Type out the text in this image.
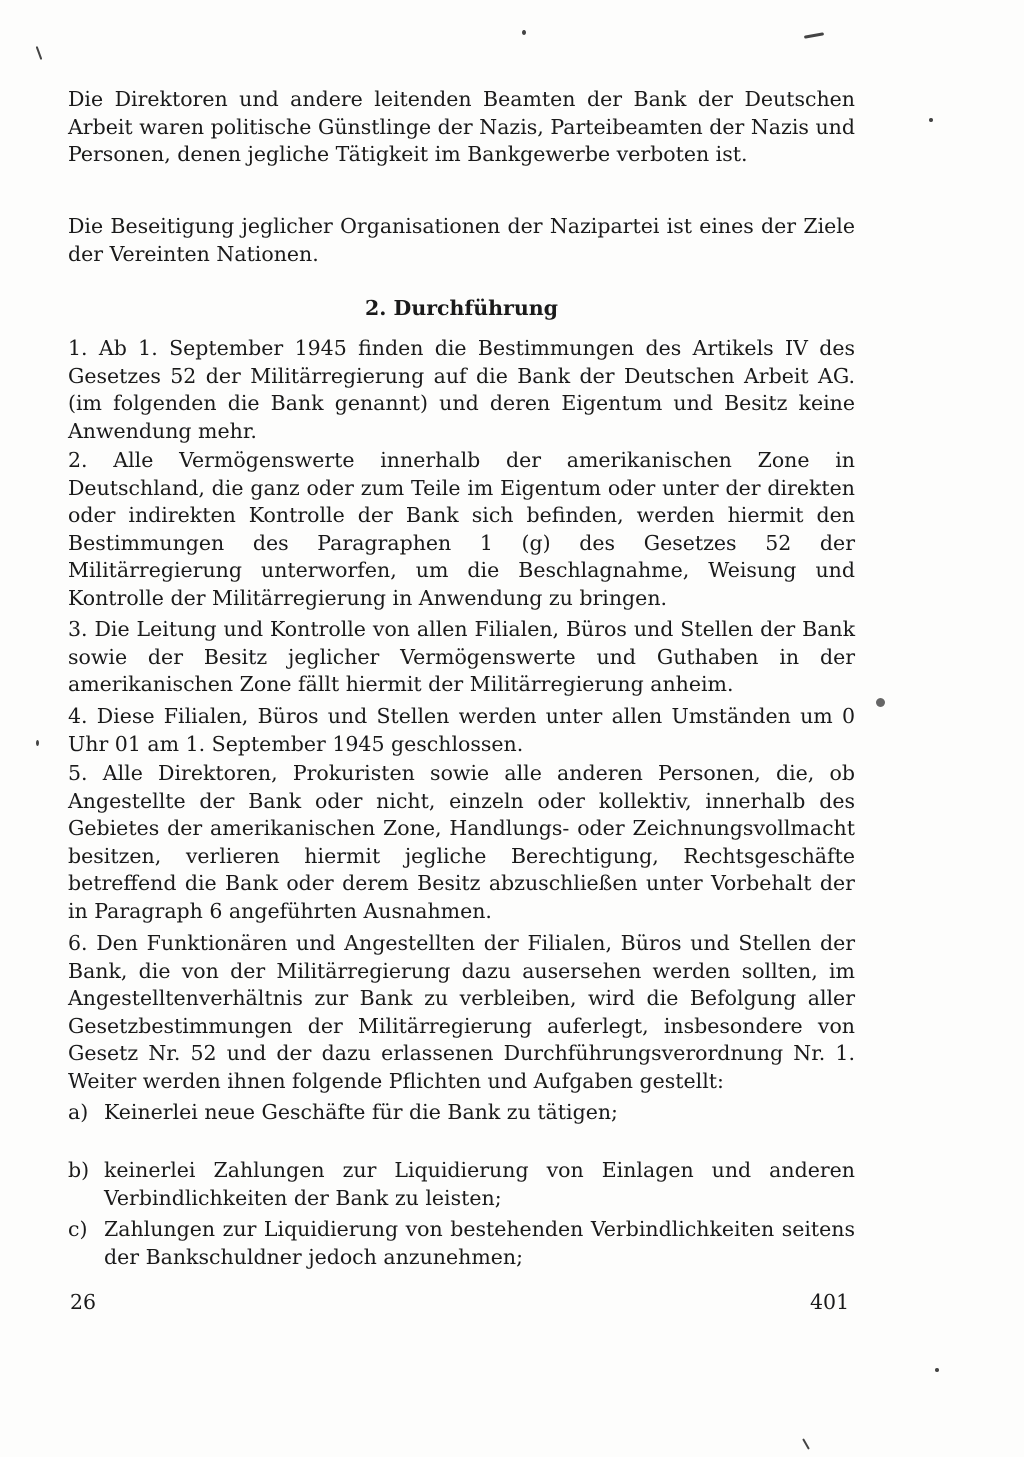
Die Direktoren und andere leitenden Beamten der Bank der Deutschen Arbeit waren politische Günstlinge der Nazis, Parteibeamten der Nazis und Personen, denen jegliche Tätigkeit im Bankgewerbe verboten ist.

Die Beseitigung jeglicher Organisationen der Nazipartei ist eines der Ziele der Vereinten Nationen.

2. Durchführung

1. Ab 1. September 1945 finden die Bestimmungen des Artikels IV des Gesetzes 52 der Militärregierung auf die Bank der Deutschen Arbeit AG. (im folgenden die Bank genannt) und deren Eigentum und Besitz keine Anwendung mehr.

2. Alle Vermögenswerte innerhalb der amerikanischen Zone in Deutschland, die ganz oder zum Teile im Eigentum oder unter der direkten oder indirekten Kontrolle der Bank sich befinden, werden hiermit den Bestimmungen des Paragraphen 1 (g) des Gesetzes 52 der Militärregierung unterworfen, um die Beschlagnahme, Weisung und Kontrolle der Militärregierung in Anwendung zu bringen.

3. Die Leitung und Kontrolle von allen Filialen, Büros und Stellen der Bank sowie der Besitz jeglicher Vermögenswerte und Guthaben in der amerikanischen Zone fällt hiermit der Militärregierung anheim.

4. Diese Filialen, Büros und Stellen werden unter allen Umständen um 0 Uhr 01 am 1. September 1945 geschlossen.

5. Alle Direktoren, Prokuristen sowie alle anderen Personen, die, ob Angestellte der Bank oder nicht, einzeln oder kollektiv, innerhalb des Gebietes der amerikanischen Zone, Handlungs- oder Zeichnungsvollmacht besitzen, verlieren hiermit jegliche Berechtigung, Rechtsgeschäfte betreffend die Bank oder derem Besitz abzuschließen unter Vorbehalt der in Paragraph 6 angeführten Ausnahmen.

6. Den Funktionären und Angestellten der Filialen, Büros und Stellen der Bank, die von der Militärregierung dazu ausersehen werden sollten, im Angestelltenverhältnis zur Bank zu verbleiben, wird die Befolgung aller Gesetzbestimmungen der Militärregierung auferlegt, insbesondere von Gesetz Nr. 52 und der dazu erlassenen Durchführungsverordnung Nr. 1. Weiter werden ihnen folgende Pflichten und Aufgaben gestellt:

a) Keinerlei neue Geschäfte für die Bank zu tätigen;
b) keinerlei Zahlungen zur Liquidierung von Einlagen und anderen Verbindlichkeiten der Bank zu leisten;
c) Zahlungen zur Liquidierung von bestehenden Verbindlichkeiten seitens der Bankschuldner jedoch anzunehmen;
26	401
